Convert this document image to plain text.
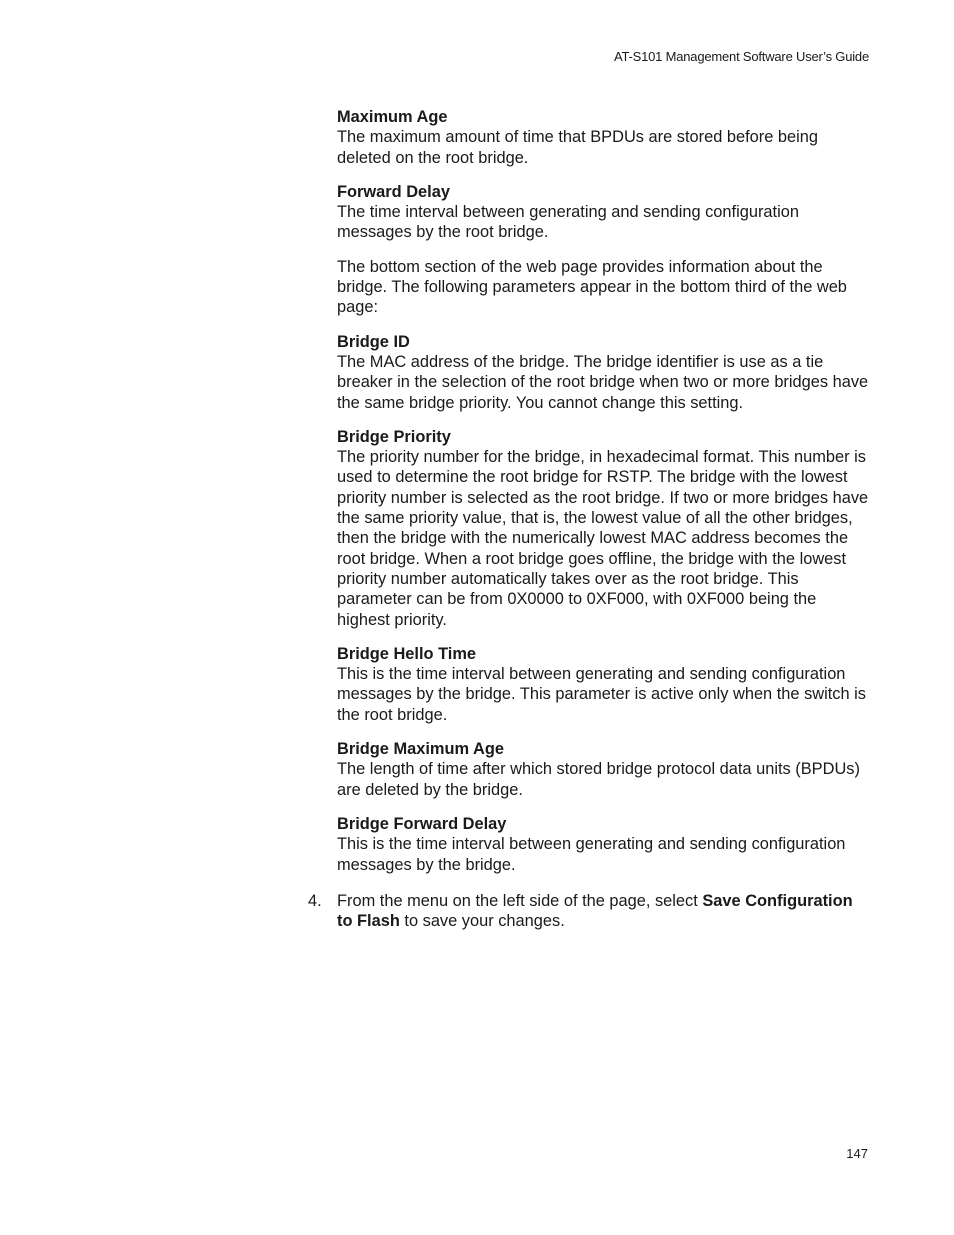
AT-S101 Management Software User’s Guide
Maximum Age
The maximum amount of time that BPDUs are stored before being deleted on the root bridge.
Forward Delay
The time interval between generating and sending configuration messages by the root bridge.

The bottom section of the web page provides information about the bridge. The following parameters appear in the bottom third of the web page:

Bridge ID
The MAC address of the bridge. The bridge identifier is use as a tie breaker in the selection of the root bridge when two or more bridges have the same bridge priority. You cannot change this setting.
Bridge Priority
The priority number for the bridge, in hexadecimal format. This number is used to determine the root bridge for RSTP. The bridge with the lowest priority number is selected as the root bridge. If two or more bridges have the same priority value, that is, the lowest value of all the other bridges, then the bridge with the numerically lowest MAC address becomes the root bridge. When a root bridge goes offline, the bridge with the lowest priority number automatically takes over as the root bridge. This parameter can be from 0X0000 to 0XF000, with 0XF000 being the highest priority.
Bridge Hello Time
This is the time interval between generating and sending configuration messages by the bridge. This parameter is active only when the switch is the root bridge.
Bridge Maximum Age
The length of time after which stored bridge protocol data units (BPDUs) are deleted by the bridge.
Bridge Forward Delay
This is the time interval between generating and sending configuration messages by the bridge.
4. From the menu on the left side of the page, select Save Configuration to Flash to save your changes.
147
